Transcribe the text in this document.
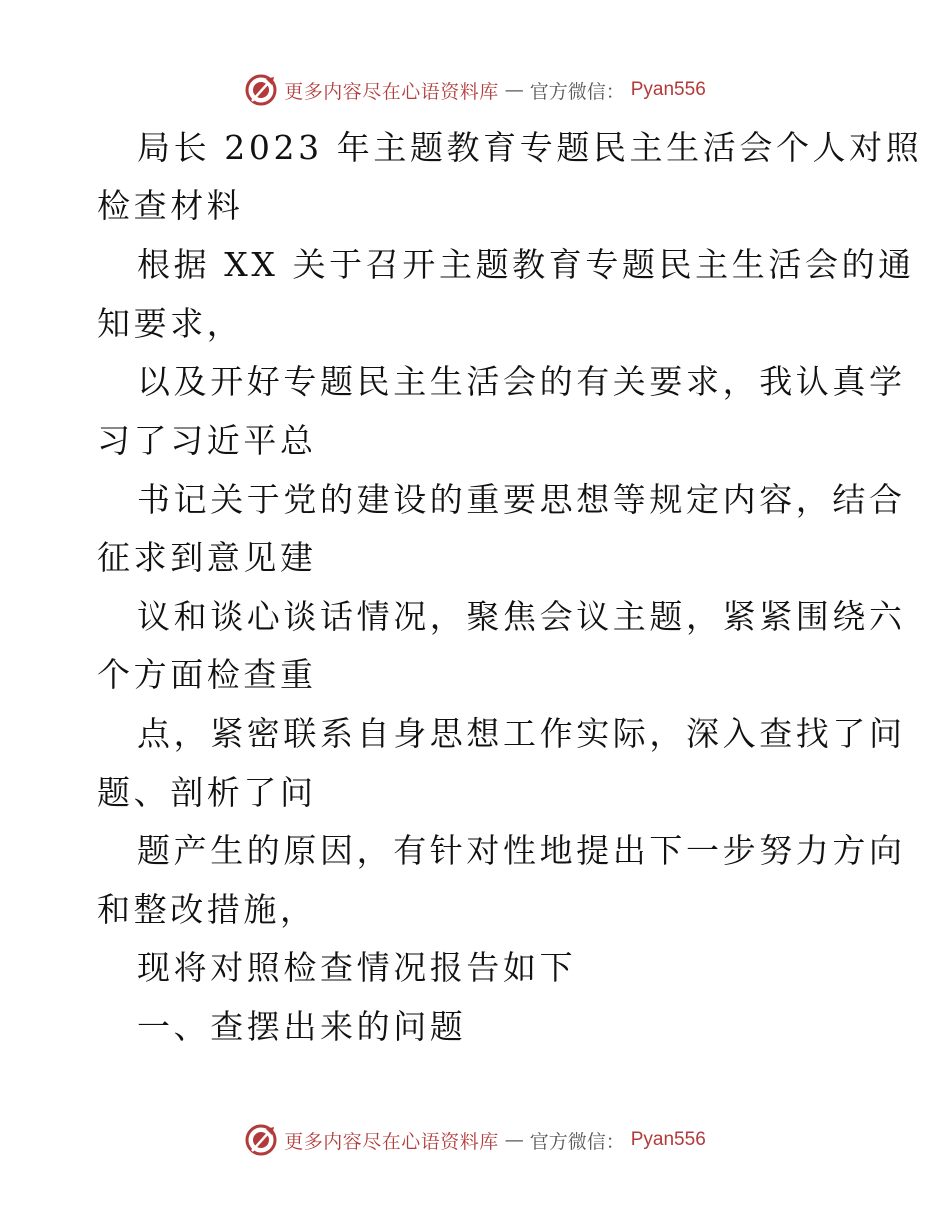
更多内容尽在心语资料库 — 官方微信： Pyan556
局长 2023 年主题教育专题民主生活会个人对照
检查材料
根据 XX 关于召开主题教育专题民主生活会的通
知要求，
以及开好专题民主生活会的有关要求，我认真学
习了习近平总
书记关于党的建设的重要思想等规定内容，结合
征求到意见建
议和谈心谈话情况，聚焦会议主题，紧紧围绕六
个方面检查重
点，紧密联系自身思想工作实际，深入查找了问
题、剖析了问
题产生的原因，有针对性地提出下一步努力方向
和整改措施，
现将对照检查情况报告如下
一、查摆出来的问题
更多内容尽在心语资料库 — 官方微信： Pyan556
